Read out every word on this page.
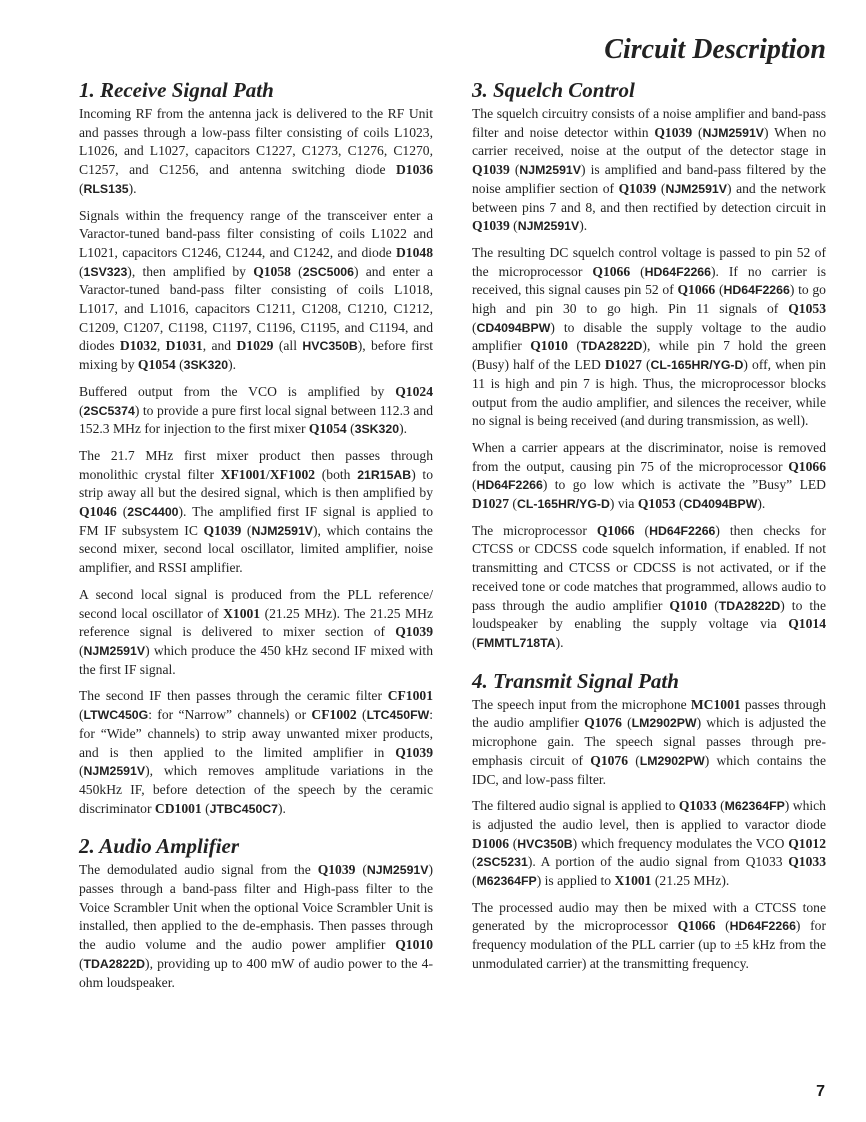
Circuit Description
1. Receive Signal Path

Incoming RF from the antenna jack is delivered to the RF Unit and passes through a low-pass filter consisting of coils L1023, L1026, and L1027, capacitors C1227, C1273, C1276, C1270, C1257, and C1256, and antenna switching diode D1036 (RLS135).

Signals within the frequency range of the transceiver enter a Varactor-tuned band-pass filter consisting of coils L1022 and L1021, capacitors C1246, C1244, and C1242, and diode D1048 (1SV323), then amplified by Q1058 (2SC5006) and enter a Varactor-tuned band-pass filter consisting of coils L1018, L1017, and L1016, capacitors C1211, C1208, C1210, C1212, C1209, C1207, C1198, C1197, C1196, C1195, and C1194, and diodes D1032, D1031, and D1029 (all HVC350B), before first mixing by Q1054 (3SK320).

Buffered output from the VCO is amplified by Q1024 (2SC5374) to provide a pure first local signal between 112.3 and 152.3 MHz for injection to the first mixer Q1054 (3SK320).

The 21.7 MHz first mixer product then passes through monolithic crystal filter XF1001/XF1002 (both 21R15AB) to strip away all but the desired signal, which is then amplified by Q1046 (2SC4400). The amplified first IF signal is applied to FM IF subsystem IC Q1039 (NJM2591V), which contains the second mixer, second local oscillator, limited amplifier, noise amplifier, and RSSI amplifier.

A second local signal is produced from the PLL reference/ second local oscillator of X1001 (21.25 MHz). The 21.25 MHz reference signal is delivered to mixer section of Q1039 (NJM2591V) which produce the 450 kHz second IF mixed with the first IF signal.

The second IF then passes through the ceramic filter CF1001 (LTWC450G: for “Narrow” channels) or CF1002 (LTC450FW: for “Wide” channels) to strip away unwanted mixer products, and is then applied to the limited amplifier in Q1039 (NJM2591V), which removes amplitude variations in the 450kHz IF, before detection of the speech by the ceramic discriminator CD1001 (JTBC450C7).

2. Audio Amplifier

The demodulated audio signal from the Q1039 (NJM2591V) passes through a band-pass filter and High-pass filter to the Voice Scrambler Unit when the optional Voice Scrambler Unit is installed, then applied to the de-emphasis. Then passes through the audio volume and the audio power amplifier Q1010 (TDA2822D), providing up to 400 mW of audio power to the 4-ohm loudspeaker.

3. Squelch Control

The squelch circuitry consists of a noise amplifier and band-pass filter and noise detector within Q1039 (NJM2591V) When no carrier received, noise at the output of the detector stage in Q1039 (NJM2591V) is amplified and band-pass filtered by the noise amplifier section of Q1039 (NJM2591V) and the network between pins 7 and 8, and then rectified by detection circuit in Q1039 (NJM2591V).

The resulting DC squelch control voltage is passed to pin 52 of the microprocessor Q1066 (HD64F2266). If no carrier is received, this signal causes pin 52 of Q1066 (HD64F2266) to go high and pin 30 to go high. Pin 11 signals of Q1053 (CD4094BPW) to disable the supply voltage to the audio amplifier Q1010 (TDA2822D), while pin 7 hold the green (Busy) half of the LED D1027 (CL-165HR/YG-D) off, when pin 11 is high and pin 7 is high. Thus, the microprocessor blocks output from the audio amplifier, and silences the receiver, while no signal is being received (and during transmission, as well).

When a carrier appears at the discriminator, noise is removed from the output, causing pin 75 of the microprocessor Q1066 (HD64F2266) to go low which is activate the ”Busy” LED D1027 (CL-165HR/YG-D) via Q1053 (CD4094BPW).

The microprocessor Q1066 (HD64F2266) then checks for CTCSS or CDCSS code squelch information, if enabled. If not transmitting and CTCSS or CDCSS is not activated, or if the received tone or code matches that programmed, allows audio to pass through the audio amplifier Q1010 (TDA2822D) to the loudspeaker by enabling the supply voltage via Q1014 (FMMTL718TA).

4. Transmit Signal Path

The speech input from the microphone MC1001 passes through the audio amplifier Q1076 (LM2902PW) which is adjusted the microphone gain. The speech signal passes through pre-emphasis circuit of Q1076 (LM2902PW) which contains the IDC, and low-pass filter.

The filtered audio signal is applied to Q1033 (M62364FP) which is adjusted the audio level, then is applied to varactor diode D1006 (HVC350B) which frequency modulates the VCO Q1012 (2SC5231). A portion of the audio signal from Q1033 Q1033 (M62364FP) is applied to X1001 (21.25 MHz).

The processed audio may then be mixed with a CTCSS tone generated by the microprocessor Q1066 (HD64F2266) for frequency modulation of the PLL carrier (up to ±5 kHz from the unmodulated carrier) at the transmitting frequency.

7
